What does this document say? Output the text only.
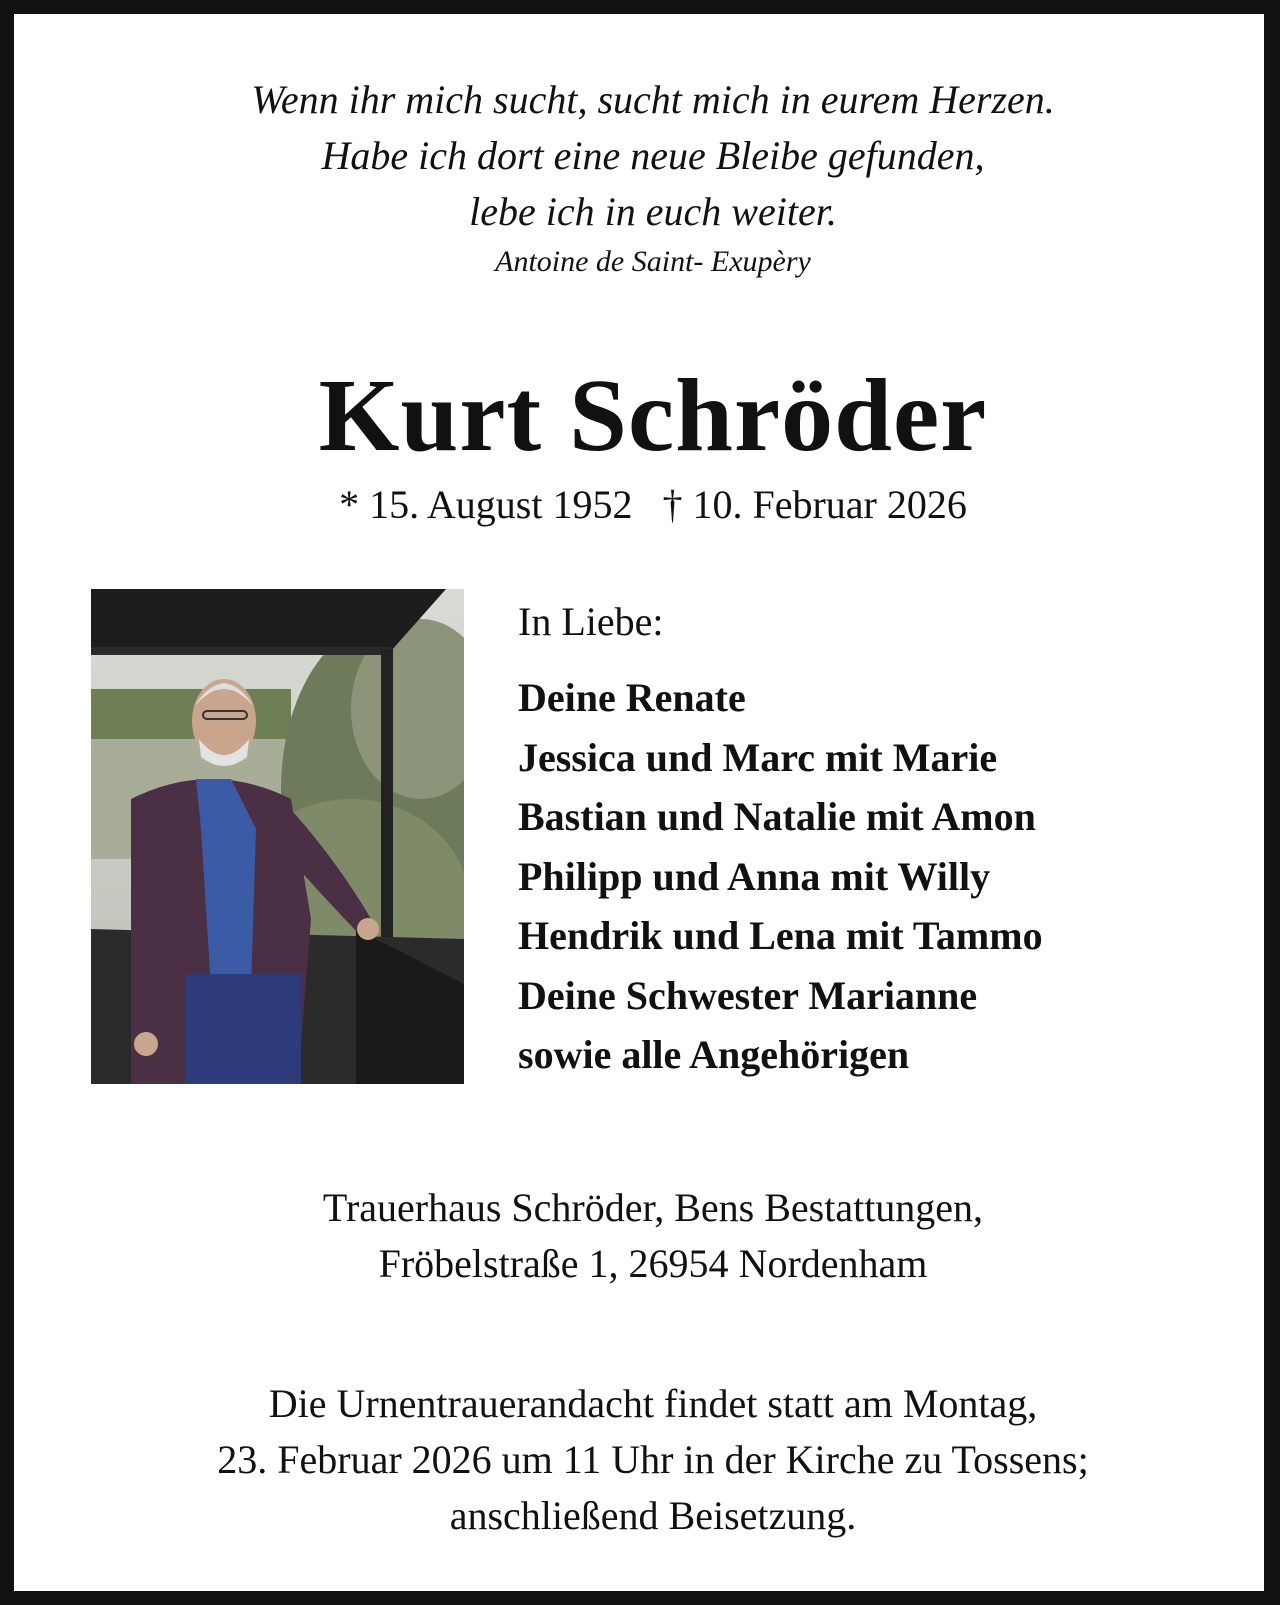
Wenn ihr mich sucht, sucht mich in eurem Herzen.

Habe ich dort eine neue Bleibe gefunden,

lebe ich in euch weiter.

Antoine de Saint- Exupèry

Kurt Schröder
* 15. August 1952   † 10. Februar 2026

In Liebe:

Deine Renate
Jessica und Marc mit Marie
Bastian und Natalie mit Amon
Philipp und Anna mit Willy
Hendrik und Lena mit Tammo
Deine Schwester Marianne
sowie alle Angehörigen

Trauerhaus Schröder, Bens Bestattungen,

Fröbelstraße 1, 26954 Nordenham

Die Urnentrauerandacht findet statt am Montag,

23. Februar 2026 um 11 Uhr in der Kirche zu Tossens;

anschließend Beisetzung.
